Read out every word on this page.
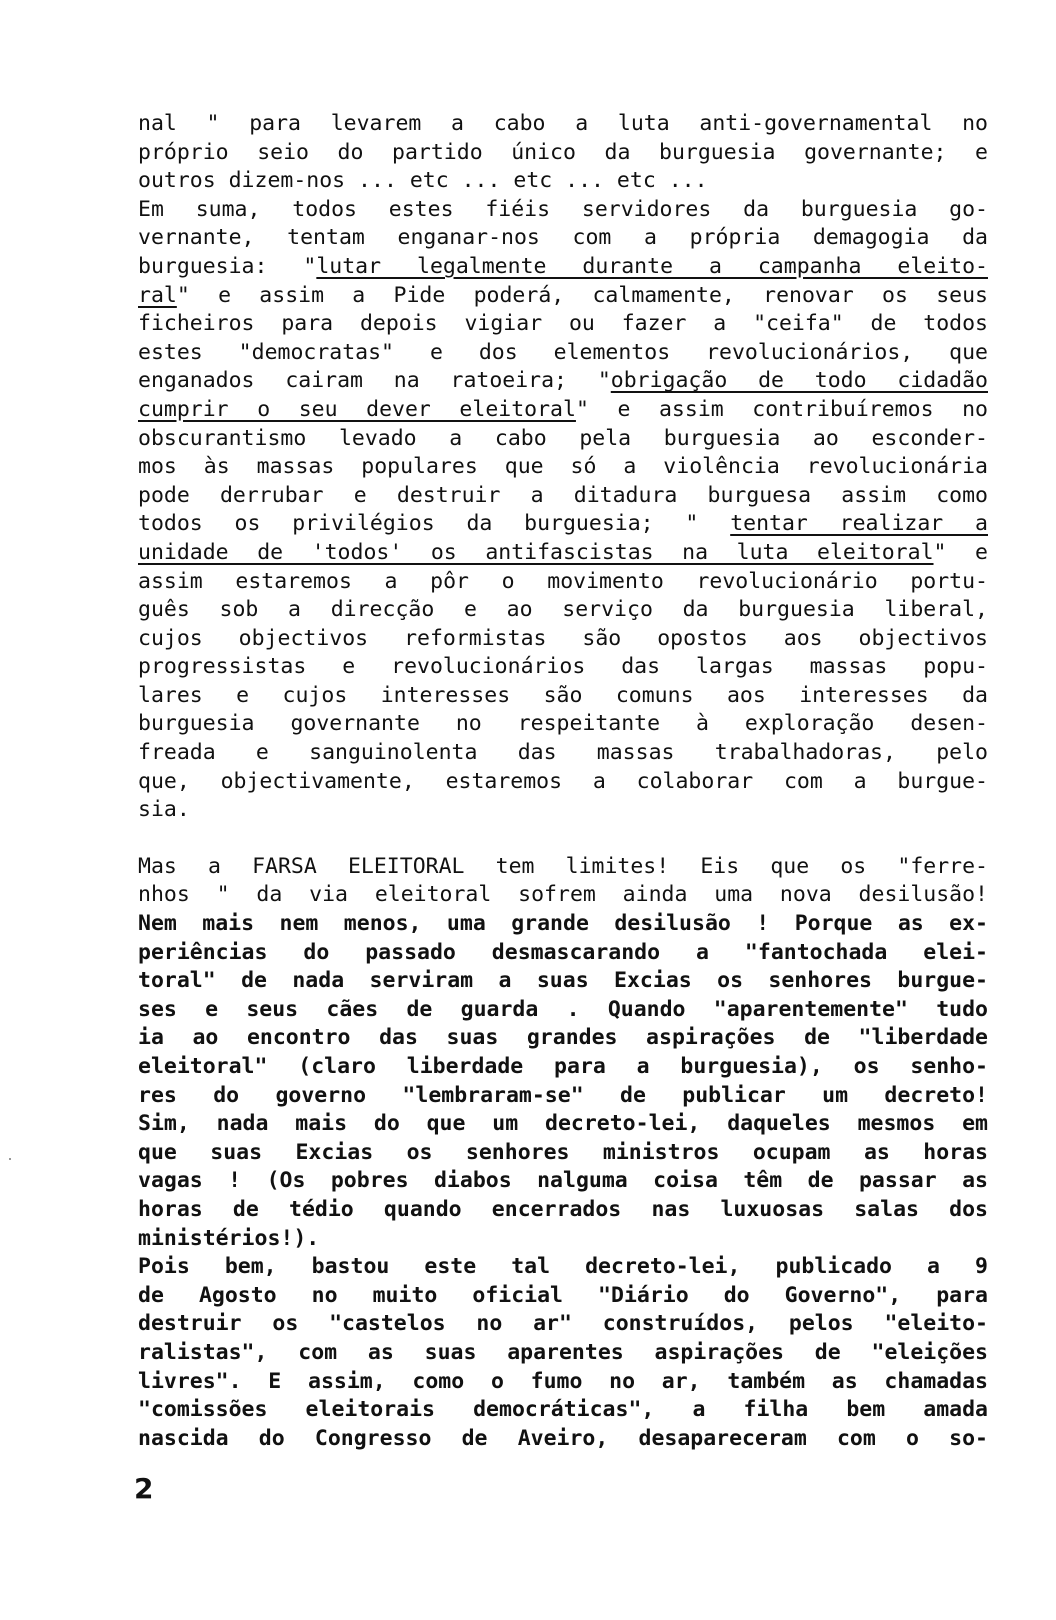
nal " para levarem a cabo a luta anti-governamental no
próprio seio do partido único da burguesia governante; e
outros dizem-nos ... etc ... etc ... etc ...
Em suma, todos estes fiéis servidores da burguesia go-
vernante, tentam enganar-nos com a própria demagogia da
burguesia: "lutar legalmente durante a campanha eleito-
ral" e assim a Pide poderá, calmamente, renovar os seus
ficheiros para depois vigiar ou fazer a "ceifa" de todos
estes "democratas" e dos elementos revolucionários, que
enganados cairam na ratoeira; "obrigação de todo cidadão
cumprir o seu dever eleitoral" e assim contribuíremos no
obscurantismo levado a cabo pela burguesia ao esconder-
mos às massas populares que só a violência revolucionária
pode derrubar e destruir a ditadura burguesa assim como
todos os privilégios da burguesia; " tentar realizar a
unidade de 'todos' os antifascistas na luta eleitoral" e
assim estaremos a pôr o movimento revolucionário portu-
guês sob a direcção e ao serviço da burguesia liberal,
cujos objectivos reformistas são opostos aos objectivos
progressistas e revolucionários das largas massas popu-
lares e cujos interesses são comuns aos interesses da
burguesia governante no respeitante à exploração desen-
freada e sanguinolenta das massas trabalhadoras, pelo
que, objectivamente, estaremos a colaborar com a burgue-
sia.
Mas a FARSA ELEITORAL tem limites! Eis que os "ferre-
nhos " da via eleitoral sofrem ainda uma nova desilusão!
Nem mais nem menos, uma grande desilusão ! Porque as ex-
periências do passado desmascarando a "fantochada elei-
toral" de nada serviram a suas Excias os senhores burgue-
ses e seus cães de guarda . Quando "aparentemente" tudo
ia ao encontro das suas grandes aspirações de "liberdade
eleitoral" (claro liberdade para a burguesia), os senho-
res do governo "lembraram-se" de publicar um decreto!
Sim, nada mais do que um decreto-lei, daqueles mesmos em
que suas Excias os senhores ministros ocupam as horas
vagas ! (Os pobres diabos nalguma coisa têm de passar as
horas de tédio quando encerrados nas luxuosas salas dos
ministérios!).
Pois bem, bastou este tal decreto-lei, publicado a 9
de Agosto no muito oficial "Diário do Governo", para
destruir os "castelos no ar" construídos, pelos "eleito-
ralistas", com as suas aparentes aspirações de "eleições
livres". E assim, como o fumo no ar, também as chamadas
"comissões eleitorais democráticas", a filha bem amada
nascida do Congresso de Aveiro, desapareceram com o so-
2
